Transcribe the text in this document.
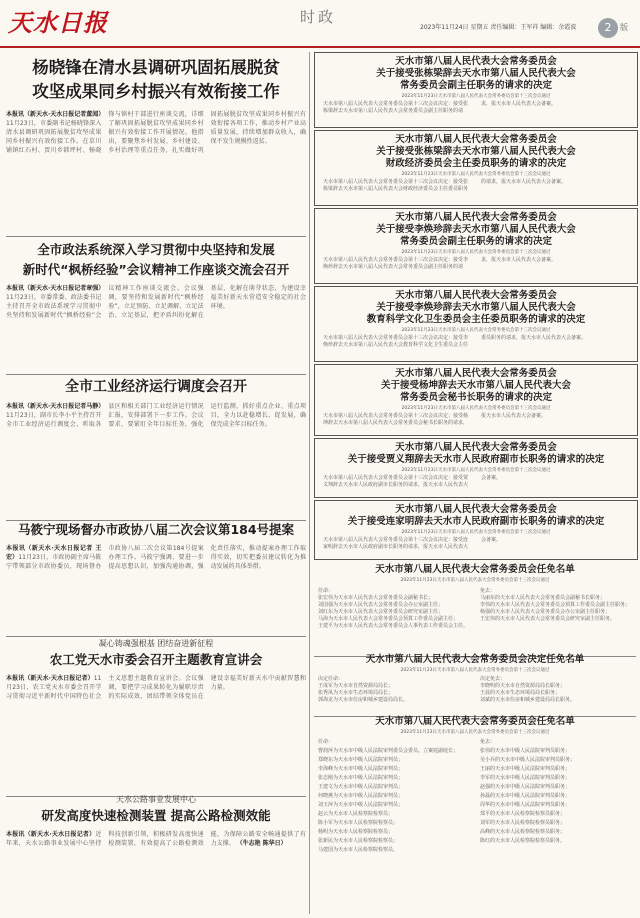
天水日报	时政
2023年11月24日 星期五 责任编辑：王军祥 编辑：余霞波	2	版
杨晓锋在清水县调研巩固拓展脱贫
攻坚成果同乡村振兴有效衔接工作
本报讯（新天水·天水日报记者董闻）11月23日，市委副书记杨晓锋深入清水县调研巩固拓展脱贫攻坚成果同乡村振兴有效衔接工作。在草川铺镇红石村、贾川乡韩坪村、杨晓锋与镇村干部进行座谈交流，详细了解巩固拓展脱贫攻坚成果同乡村振兴有效衔接工作开展情况。他指出，要聚焦乡村发展、乡村建设、乡村治理等重点任务，扎实做好巩固拓展脱贫攻坚成果同乡村振兴有效衔接各项工作，推动乡村产业高质量发展，持续增加群众收入，确保不发生规模性返贫。
全市政法系统深入学习贯彻中央坚持和发展
新时代“枫桥经验”会议精神工作座谈交流会召开
本报讯（新天水·天水日报记者章强）11月23日，市委常委、政法委书记主持召开全市政法系统学习贯彻中央坚持和发展新时代“枫桥经验”会议精神工作座谈交流会。会议强调，要坚持和发展新时代“枫桥经验”，立足预防、立足调解、立足法治、立足基层，把矛盾纠纷化解在基层、化解在萌芽状态，为建设幸福美好新天水营造安全稳定的社会环境。
全市工业经济运行调度会召开
本报讯（新天水·天水日报记者马静）11月23日，副市长李小平主持召开全市工业经济运行调度会，听取各县区和相关部门工业经济运行情况汇报，安排部署下一步工作。会议要求，要紧盯全年目标任务，强化运行监测，抓好重点企业、重点项目，全力以赴稳增长、促发展，确保完成全年目标任务。
马筱宁现场督办市政协八届二次会议第184号提案
本报讯（新天水·天水日报记者 王宏）11月23日，市政协副主席马筱宁带领部分市政协委员，现场督办市政协八届二次会议第184号提案办理工作。马筱宁强调，要进一步提高思想认识，加强沟通协调，强化责任落实，推动提案办理工作取得实效，切实把委员建议转化为推动发展的具体举措。
凝心铸魂强根基 团结奋进新征程
农工党天水市委会召开主题教育宣讲会
本报讯（新天水·天水日报记者）11月23日，农工党天水市委会召开学习贯彻习近平新时代中国特色社会主义思想主题教育宣讲会。会议强调，要把学习成果转化为履职尽责的实际成效，团结带领全体党员在建设幸福美好新天水中贡献智慧和力量。
天水公路事业发展中心
研发高度快速检测装置 提高公路检测效能
本报讯（新天水·天水日报记者）近年来，天水公路事业发展中心坚持科技创新引领，积极研发高度快速检测装置，有效提高了公路检测效能，为保障公路安全畅通提供了有力支撑。 （牛志艳 陈华日）
天水市第八届人民代表大会常务委员会
关于接受张栋梁辞去天水市第八届人民代表大会
常务委员会副主任职务的请求的决定
2023年11月23日天水市第八届人民代表大会常务委员会第十三次会议通过
天水市第八届人民代表大会常务委员会第十三次会议决定：接受张栋梁辞去天水市第八届人民代表大会常务委员会副主任职务的请求，报天水市人民代表大会备案。
天水市第八届人民代表大会常务委员会
关于接受张栋梁辞去天水市第八届人民代表大会
财政经济委员会主任委员职务的请求的决定
2023年11月23日天水市第八届人民代表大会常务委员会第十三次会议通过
天水市第八届人民代表大会常务委员会第十三次会议决定：接受张栋梁辞去天水市第八届人民代表大会财政经济委员会主任委员职务的请求，报天水市人民代表大会备案。
天水市第八届人民代表大会常务委员会
关于接受李焕珍辞去天水市第八届人民代表大会
常务委员会副主任职务的请求的决定
2023年11月23日天水市第八届人民代表大会常务委员会第十三次会议通过
天水市第八届人民代表大会常务委员会第十三次会议决定：接受李焕珍辞去天水市第八届人民代表大会常务委员会副主任职务的请求，报天水市人民代表大会备案。
天水市第八届人民代表大会常务委员会
关于接受李焕珍辞去天水市第八届人民代表大会
教育科学文化卫生委员会主任委员职务的请求的决定
2023年11月23日天水市第八届人民代表大会常务委员会第十三次会议通过
天水市第八届人民代表大会常务委员会第十三次会议决定：接受李焕珍辞去天水市第八届人民代表大会教育科学文化卫生委员会主任委员职务的请求，报天水市人民代表大会备案。
天水市第八届人民代表大会常务委员会
关于接受杨坤辞去天水市第八届人民代表大会
常务委员会秘书长职务的请求的决定
2023年11月23日天水市第八届人民代表大会常务委员会第十三次会议通过
天水市第八届人民代表大会常务委员会第十三次会议决定：接受杨坤辞去天水市第八届人民代表大会常务委员会秘书长职务的请求，报天水市人民代表大会备案。
天水市第八届人民代表大会常务委员会
关于接受贾义翔辞去天水市人民政府副市长职务的请求的决定
2023年11月23日天水市第八届人民代表大会常务委员会第十三次会议通过
天水市第八届人民代表大会常务委员会第十三次会议决定：接受贾义翔辞去天水市人民政府副市长职务的请求，报天水市人民代表大会备案。
天水市第八届人民代表大会常务委员会
关于接受连家明辞去天水市人民政府副市长职务的请求的决定
2023年11月23日天水市第八届人民代表大会常务委员会第十三次会议通过
天水市第八届人民代表大会常务委员会第十三次会议决定：接受连家明辞去天水市人民政府副市长职务的请求，报天水市人民代表大会备案。
天水市第八届人民代表大会常务委员会任免名单
2023年11月23日天水市第八届人民代表大会常务委员会第十三次会议通过
任命：
张宏伟为天水市人民代表大会常务委员会副秘书长；
刘国强为天水市人民代表大会常务委员会办公室副主任；
刘红东为天水市人民代表大会常务委员会研究室副主任；
马海为天水市人民代表大会常务委员会预算工作委员会副主任；
王建平为天水市人民代表大会常务委员会人事代表工作委员会主任。
免去：
马丽东的天水市人民代表大会常务委员会副秘书长职务；
李伟的天水市人民代表大会常务委员会预算工作委员会副主任职务；
杨强的天水市人民代表大会常务委员会办公室副主任职务；
王宏伟的天水市人民代表大会常务委员会研究室副主任职务。
天水市第八届人民代表大会常务委员会决定任免名单
2023年11月23日天水市第八届人民代表大会常务委员会第十三次会议通过
决定任命：
王成军为天水市自然资源局局长；
张秀凤为天水市生态环境局局长；
郭海龙为天水市住房和城乡建设局局长。
决定免去：
李晓明的天水市自然资源局局长职务；
王晨的天水市生态环境局局长职务；
刘斌的天水市住房和城乡建设局局长职务。
天水市第八届人民代表大会常务委员会任免名单
2023年11月23日天水市第八届人民代表大会常务委员会第十三次会议通过
任命：
曹润萍为天水市中级人民法院审判委员会委员、立案庭副庭长；
郑晓东为天水市中级人民法院审判员；
李海峰为天水市中级人民法院审判员；
张志刚为天水市中级人民法院审判员；
王建文为天水市中级人民法院审判员；
何晓燕为天水市中级人民法院审判员；
刘玉萍为天水市中级人民法院审判员；
赵云为天水市人民检察院检察员；
陈小军为天水市人民检察院检察员；
杨明为天水市人民检察院检察员；
张新民为天水市人民检察院检察员；
马建国为天水市人民检察院检察员。
免去：
张伟的天水市中级人民法院审判员职务；
吴小兵的天水市中级人民法院审判员职务；
王丽的天水市中级人民法院审判员职务；
李军的天水市中级人民法院审判员职务；
赵强的天水市中级人民法院审判员职务；
孙磊的天水市中级人民法院审判员职务；
周华的天水市中级人民法院审判员职务；
郑平的天水市人民检察院检察员职务；
刘军的天水市人民检察院检察员职务；
高峰的天水市人民检察院检察员职务；
陈红的天水市人民检察院检察员职务。
